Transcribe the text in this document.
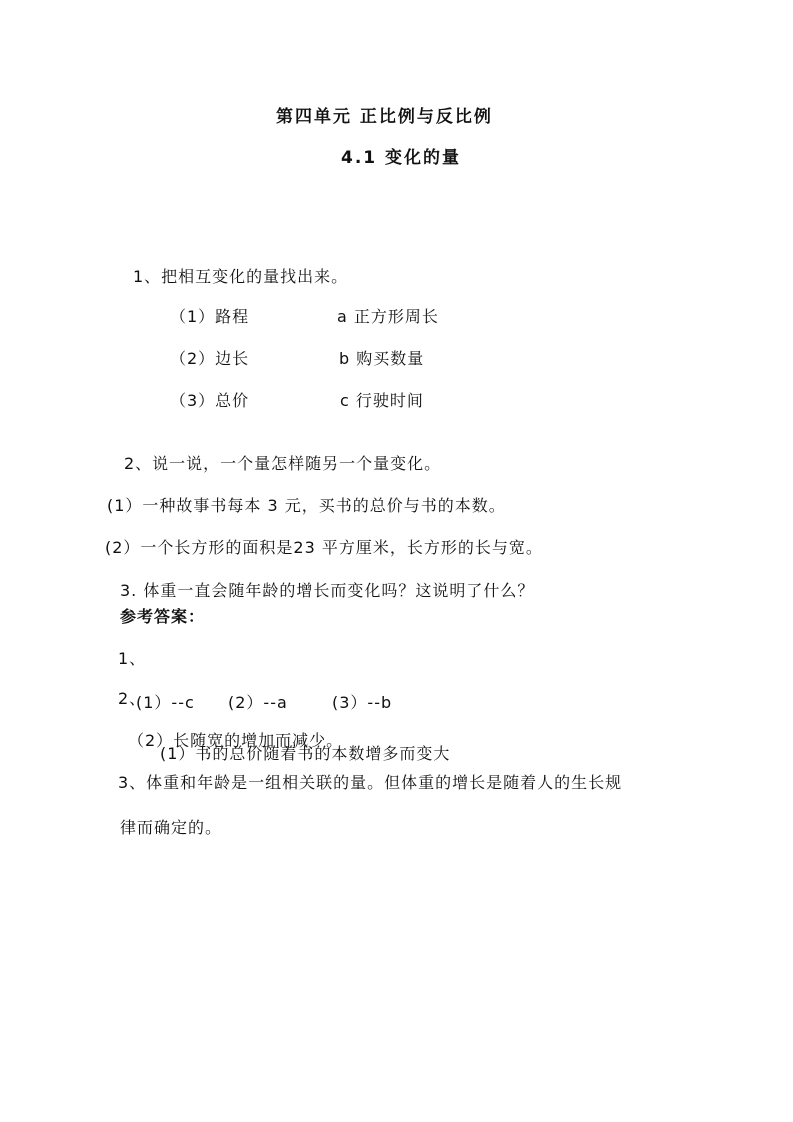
第四单元 正比例与反比例
4.1 变化的量
1、把相互变化的量找出来。
（1）路程	a 正方形周长
（2）边长	b 购买数量
（3）总价	c 行驶时间
2、说一说，一个量怎样随另一个量变化。
(1）一种故事书每本 3 元，买书的总价与书的本数。
(2）一个长方形的面积是23 平方厘米，长方形的长与宽。
3. 体重一直会随年龄的增长而变化吗？这说明了什么？
参考答案：
1、
2、
(1）--c (2）--a	(3）--b
（2）长随宽的增加而减少。
(1）书的总价随着书的本数增多而变大
3、体重和年龄是一组相关联的量。但体重的增长是随着人的生长规
律而确定的。
